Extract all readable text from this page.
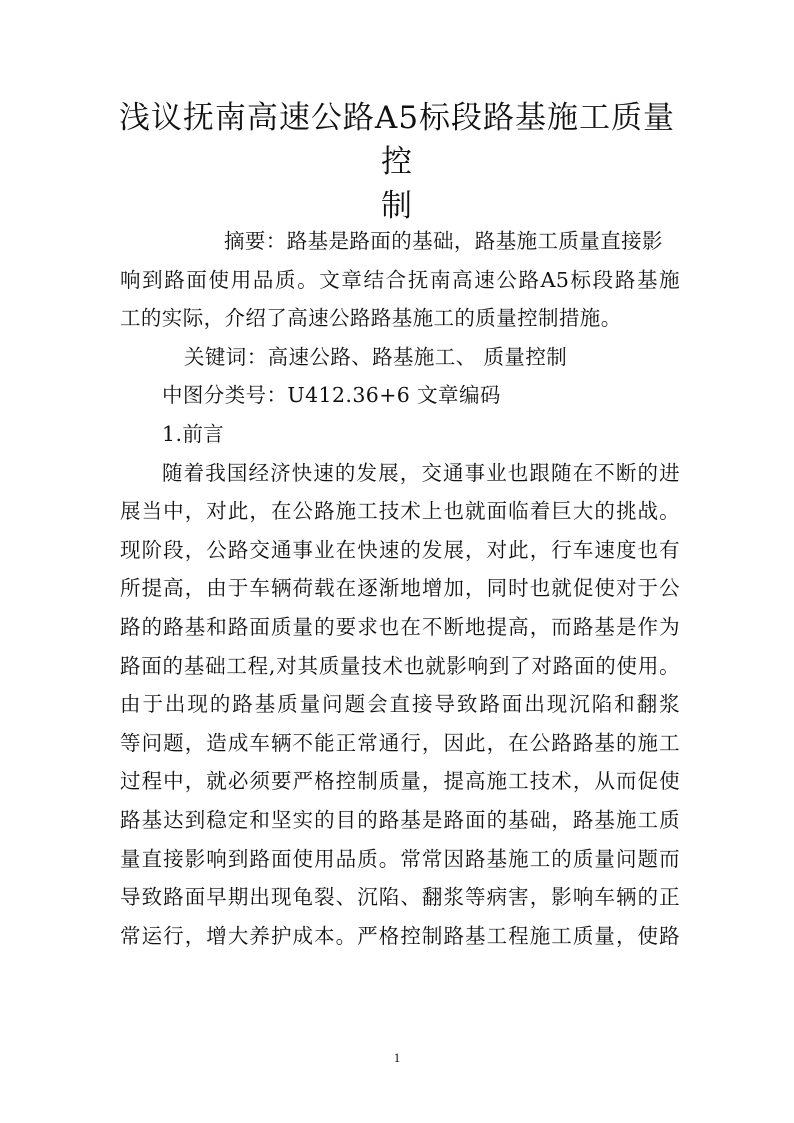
浅议抚南高速公路A5标段路基施工质量控
制
摘要：路基是路面的基础，路基施工质量直接影
响到路面使用品质。文章结合抚南高速公路A5标段路基施
工的实际，介绍了高速公路路基施工的质量控制措施。
关键词：高速公路、路基施工、 质量控制
中图分类号：U412.36+6 文章编码
1.前言
随着我国经济快速的发展，交通事业也跟随在不断的进
展当中，对此，在公路施工技术上也就面临着巨大的挑战。
现阶段，公路交通事业在快速的发展，对此，行车速度也有
所提高，由于车辆荷载在逐渐地增加，同时也就促使对于公
路的路基和路面质量的要求也在不断地提高，而路基是作为
路面的基础工程,对其质量技术也就影响到了对路面的使用。
由于出现的路基质量问题会直接导致路面出现沉陷和翻浆
等问题，造成车辆不能正常通行，因此，在公路路基的施工
过程中，就必须要严格控制质量，提高施工技术，从而促使
路基达到稳定和坚实的目的路基是路面的基础，路基施工质
量直接影响到路面使用品质。常常因路基施工的质量问题而
导致路面早期出现龟裂、沉陷、翻浆等病害，影响车辆的正
常运行，增大养护成本。严格控制路基工程施工质量，使路
1
